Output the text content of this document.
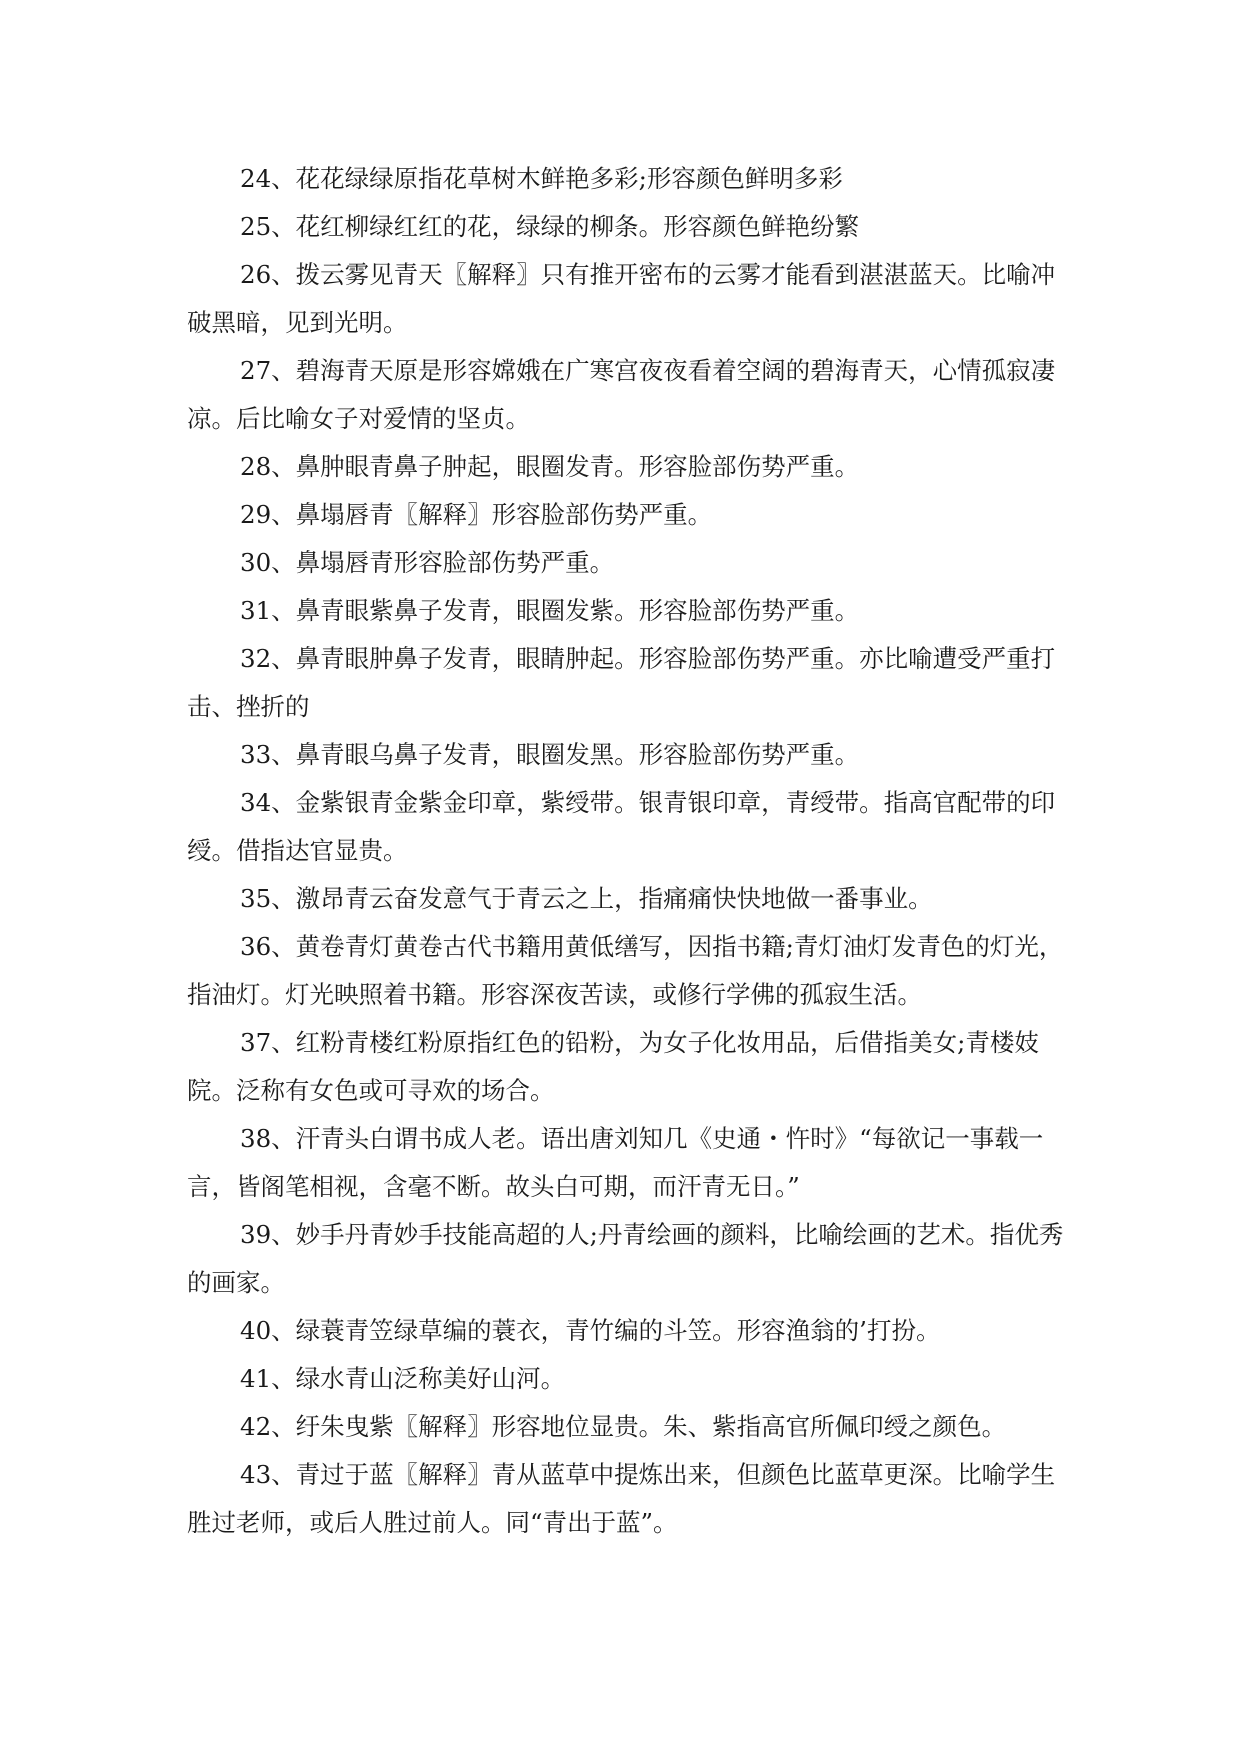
24、花花绿绿原指花草树木鲜艳多彩;形容颜色鲜明多彩

25、花红柳绿红红的花，绿绿的柳条。形容颜色鲜艳纷繁

26、拨云雾见青天〖解释〗只有推开密布的云雾才能看到湛湛蓝天。比喻冲破黑暗，见到光明。

27、碧海青天原是形容嫦娥在广寒宫夜夜看着空阔的碧海青天，心情孤寂凄凉。后比喻女子对爱情的坚贞。

28、鼻肿眼青鼻子肿起，眼圈发青。形容脸部伤势严重。

29、鼻塌唇青〖解释〗形容脸部伤势严重。

30、鼻塌唇青形容脸部伤势严重。

31、鼻青眼紫鼻子发青，眼圈发紫。形容脸部伤势严重。

32、鼻青眼肿鼻子发青，眼睛肿起。形容脸部伤势严重。亦比喻遭受严重打击、挫折的

33、鼻青眼乌鼻子发青，眼圈发黑。形容脸部伤势严重。

34、金紫银青金紫金印章，紫绶带。银青银印章，青绶带。指高官配带的印绶。借指达官显贵。

35、激昂青云奋发意气于青云之上，指痛痛快快地做一番事业。

36、黄卷青灯黄卷古代书籍用黄低缮写，因指书籍;青灯油灯发青色的灯光，指油灯。灯光映照着书籍。形容深夜苦读，或修行学佛的孤寂生活。

37、红粉青楼红粉原指红色的铅粉，为女子化妆用品，后借指美女;青楼妓院。泛称有女色或可寻欢的场合。

38、汗青头白谓书成人老。语出唐刘知几《史通・忤时》“每欲记一事载一言，皆阁笔相视，含毫不断。故头白可期，而汗青无日。”

39、妙手丹青妙手技能高超的人;丹青绘画的颜料，比喻绘画的艺术。指优秀的画家。

40、绿蓑青笠绿草编的蓑衣，青竹编的斗笠。形容渔翁的’打扮。

41、绿水青山泛称美好山河。

42、纡朱曳紫〖解释〗形容地位显贵。朱、紫指高官所佩印绶之颜色。

43、青过于蓝〖解释〗青从蓝草中提炼出来，但颜色比蓝草更深。比喻学生胜过老师，或后人胜过前人。同“青出于蓝”。
